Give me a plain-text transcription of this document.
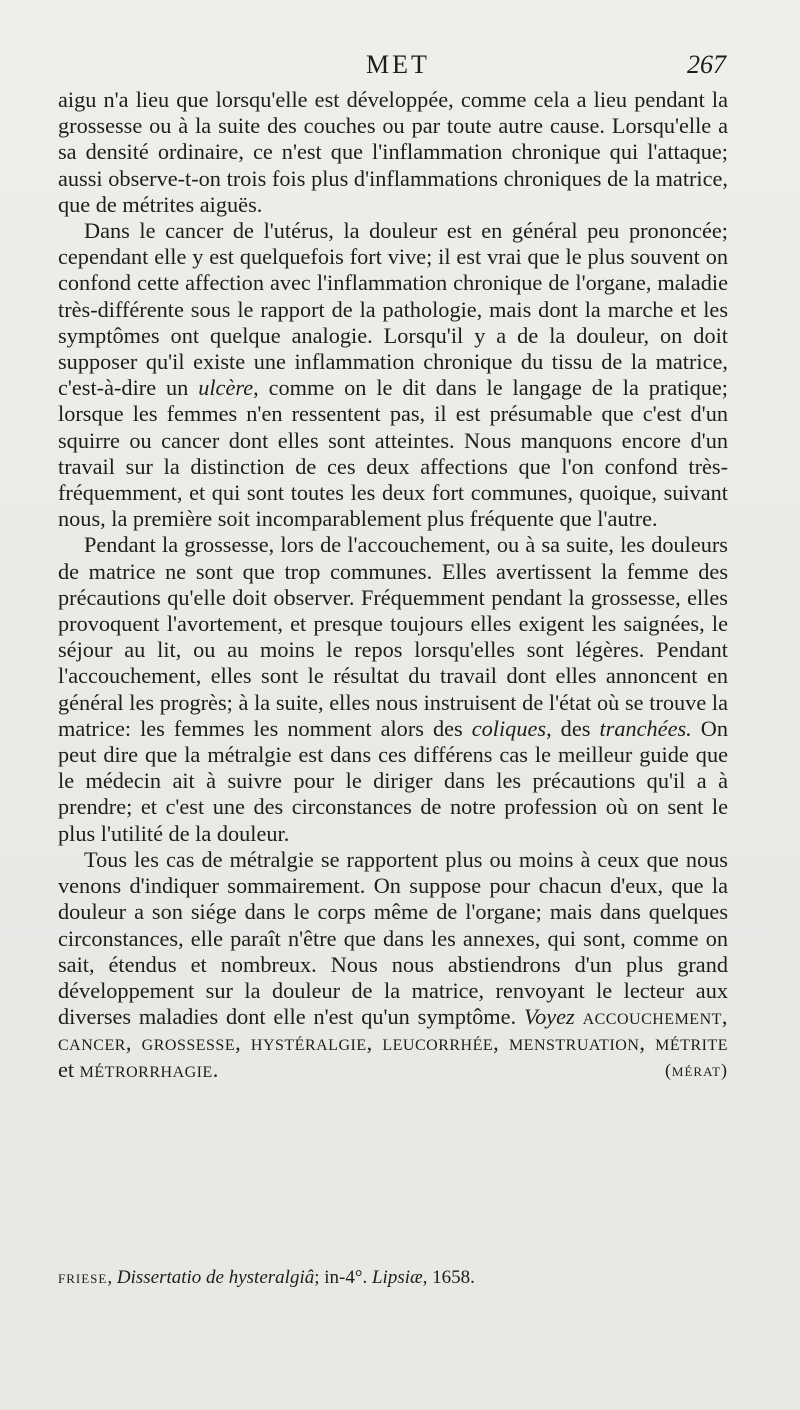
MET	267

aigu n'a lieu que lorsqu'elle est développée, comme cela a lieu pendant la grossesse ou à la suite des couches ou par toute autre cause. Lorsqu'elle a sa densité ordinaire, ce n'est que l'inflammation chronique qui l'attaque; aussi observe-t-on trois fois plus d'inflammations chroniques de la matrice, que de métrites aiguës.

Dans le cancer de l'utérus, la douleur est en général peu prononcée; cependant elle y est quelquefois fort vive; il est vrai que le plus souvent on confond cette affection avec l'inflammation chronique de l'organe, maladie très-différente sous le rapport de la pathologie, mais dont la marche et les symptômes ont quelque analogie. Lorsqu'il y a de la douleur, on doit supposer qu'il existe une inflammation chronique du tissu de la matrice, c'est-à-dire un ulcère, comme on le dit dans le langage de la pratique; lorsque les femmes n'en ressentent pas, il est présumable que c'est d'un squirre ou cancer dont elles sont atteintes. Nous manquons encore d'un travail sur la distinction de ces deux affections que l'on confond très-fréquemment, et qui sont toutes les deux fort communes, quoique, suivant nous, la première soit incomparablement plus fréquente que l'autre.

Pendant la grossesse, lors de l'accouchement, ou à sa suite, les douleurs de matrice ne sont que trop communes. Elles avertissent la femme des précautions qu'elle doit observer. Fréquemment pendant la grossesse, elles provoquent l'avortement, et presque toujours elles exigent les saignées, le séjour au lit, ou au moins le repos lorsqu'elles sont légères. Pendant l'accouchement, elles sont le résultat du travail dont elles annoncent en général les progrès; à la suite, elles nous instruisent de l'état où se trouve la matrice: les femmes les nomment alors des coliques, des tranchées. On peut dire que la métralgie est dans ces différens cas le meilleur guide que le médecin ait à suivre pour le diriger dans les précautions qu'il a à prendre; et c'est une des circonstances de notre profession où on sent le plus l'utilité de la douleur.

Tous les cas de métralgie se rapportent plus ou moins à ceux que nous venons d'indiquer sommairement. On suppose pour chacun d'eux, que la douleur a son siége dans le corps même de l'organe; mais dans quelques circonstances, elle paraît n'être que dans les annexes, qui sont, comme on sait, étendus et nombreux. Nous nous abstiendrons d'un plus grand développement sur la douleur de la matrice, renvoyant le lecteur aux diverses maladies dont elle n'est qu'un symptôme. Voyez accouchement, cancer, grossesse, hystéralgie, leucorrhée, menstruation, métrite et métrorrhagie.	(mérat)

friese, Dissertatio de hysteralgiâ; in-4°. Lipsiæ, 1658.
